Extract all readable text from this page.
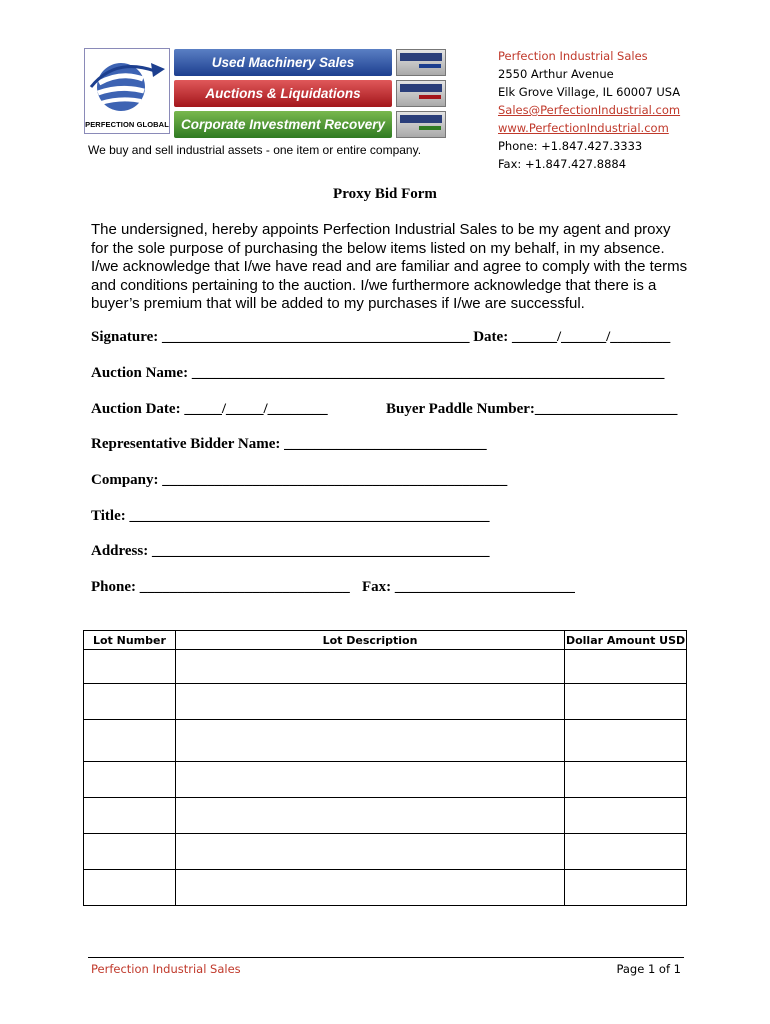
PERFECTION GLOBAL
Used Machinery Sales
Auctions & Liquidations
Corporate Investment Recovery
We buy and sell industrial assets - one item or entire company.
Perfection Industrial Sales
2550 Arthur Avenue
Elk Grove Village, IL 60007 USA
Sales@PerfectionIndustrial.com
www.PerfectionIndustrial.com
Phone: +1.847.427.3333
Fax: +1.847.427.8884
Proxy Bid Form
The undersigned, hereby appoints Perfection Industrial Sales to be my agent and proxy for the sole purpose of purchasing the below items listed on my behalf, in my absence. I/we acknowledge that I/we have read and are familiar and agree to comply with the terms and conditions pertaining to the auction. I/we furthermore acknowledge that there is a buyer’s premium that will be added to my purchases if I/we are successful.
Signature: _________________________________________ Date: ______/______/________
Auction Name: _______________________________________________________________
Auction Date: _____/_____/________	Buyer Paddle Number:___________________
Representative Bidder Name: ___________________________
Company: ______________________________________________
Title: ________________________________________________
Address: _____________________________________________
Phone: ____________________________ Fax: ________________________
Lot Number	Lot Description	Dollar Amount USD

Perfection Industrial Sales	Page 1 of 1
